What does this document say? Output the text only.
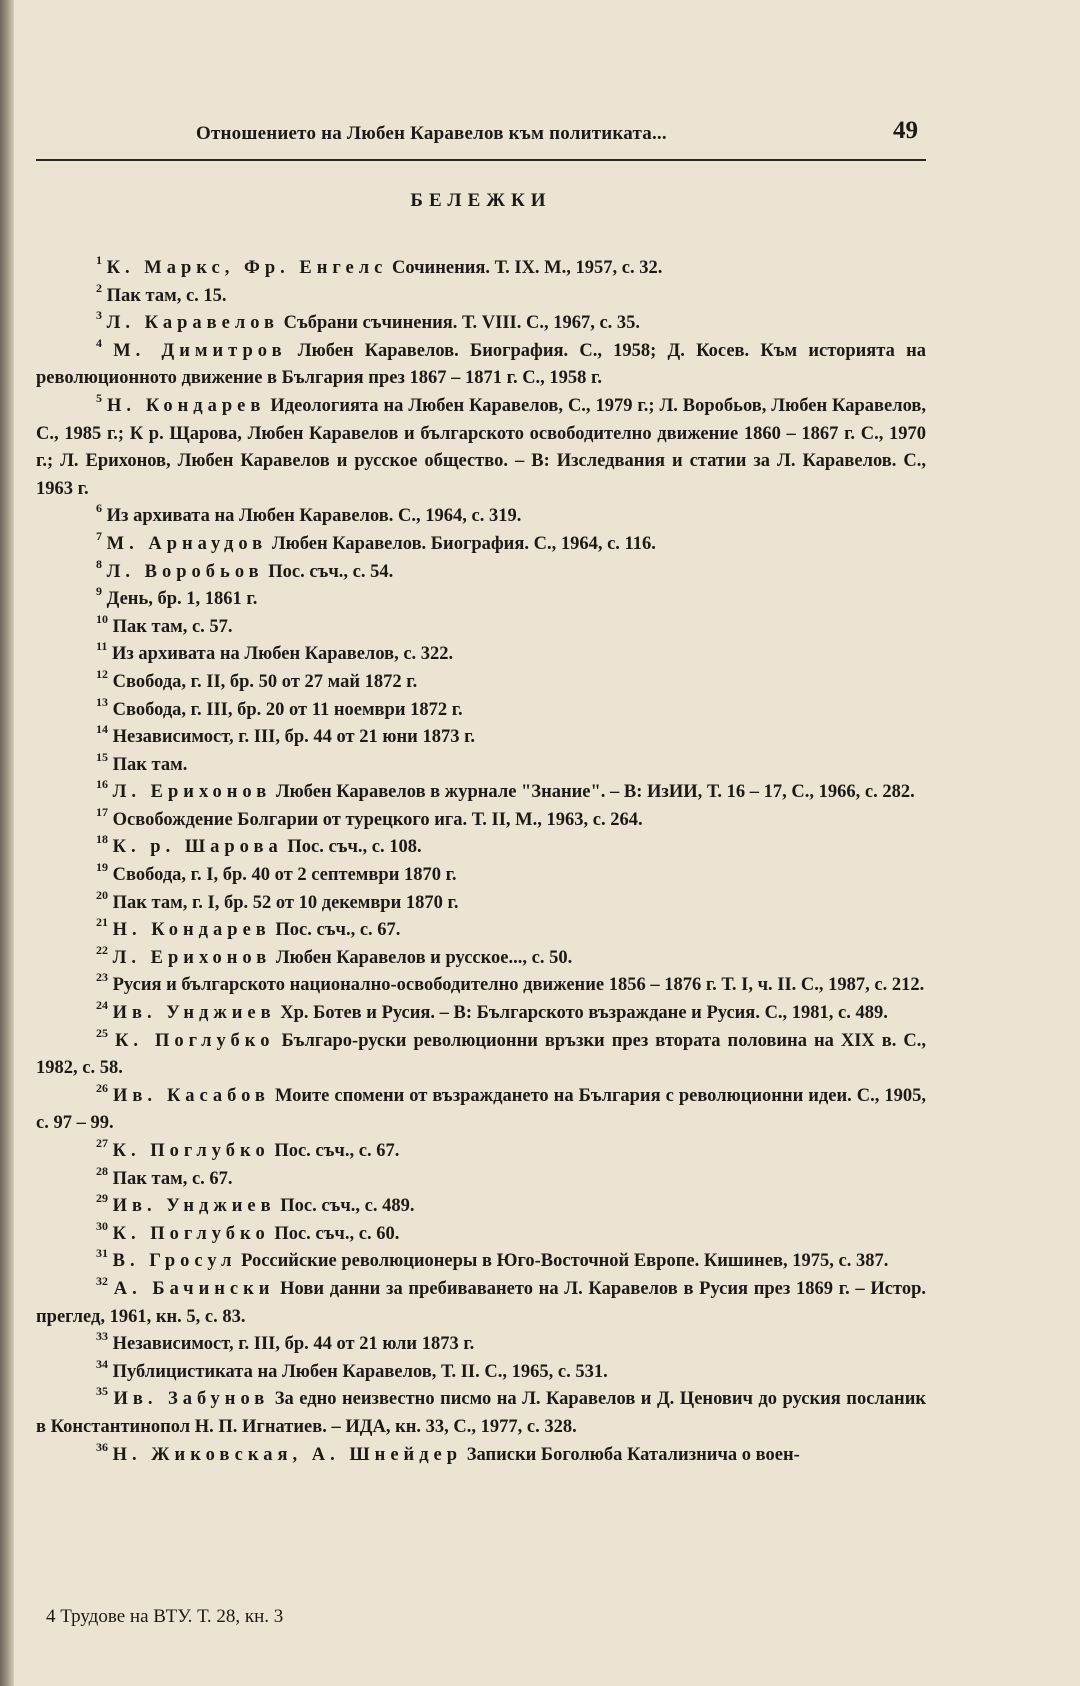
Отношението на Любен Каравелов към политиката...	49
БЕЛЕЖКИ

$^1$ К. Маркс, Фр. Енгелс Сочинения. Т. IX. М., 1957, с. 32.

$^2$ Пак там, с. 15.

$^3$ Л. Каравелов Събрани съчинения. Т. VIII. С., 1967, с. 35.

$^4$ М. Димитров Любен Каравелов. Биография. С., 1958; Д. Косев. Към историята на революционното движение в България през 1867 – 1871 г. С., 1958 г.

$^5$ Н. Кондарев Идеологията на Любен Каравелов, С., 1979 г.; Л. Воробьов, Любен Каравелов, С., 1985 г.; К р. Щарова, Любен Каравелов и българското освободително движение 1860 – 1867 г. С., 1970 г.; Л. Ерихонов, Любен Каравелов и русское общество. – В: Изследвания и статии за Л. Каравелов. С., 1963 г.

$^6$ Из архивата на Любен Каравелов. С., 1964, с. 319.

$^7$ М. Арнаудов Любен Каравелов. Биография. С., 1964, с. 116.

$^8$ Л. Воробьов Пос. съч., с. 54.

$^9$ День, бр. 1, 1861 г.

$^{10}$ Пак там, с. 57.

$^{11}$ Из архивата на Любен Каравелов, с. 322.

$^{12}$ Свобода, г. II, бр. 50 от 27 май 1872 г.

$^{13}$ Свобода, г. III, бр. 20 от 11 ноември 1872 г.

$^{14}$ Независимост, г. III, бр. 44 от 21 юни 1873 г.

$^{15}$ Пак там.

$^{16}$ Л. Ерихонов Любен Каравелов в журнале "Знание". – В: ИзИИ, Т. 16 – 17, С., 1966, с. 282.

$^{17}$ Освобождение Болгарии от турецкого ига. Т. II, М., 1963, с. 264.

$^{18}$ К. р. Шарова Пос. съч., с. 108.

$^{19}$ Свобода, г. I, бр. 40 от 2 септември 1870 г.

$^{20}$ Пак там, г. I, бр. 52 от 10 декември 1870 г.

$^{21}$ Н. Кондарев Пос. съч., с. 67.

$^{22}$ Л. Ерихонов Любен Каравелов и русское..., с. 50.

$^{23}$ Русия и българското национално-освободително движение 1856 – 1876 г. Т. I, ч. II. С., 1987, с. 212.

$^{24}$ Ив. Унджиев Хр. Ботев и Русия. – В: Българското възраждане и Русия. С., 1981, с. 489.

$^{25}$ К. Поглубко Българо-руски революционни връзки през втората половина на XIX в. С., 1982, с. 58.

$^{26}$ Ив. Касабов Моите спомени от възраждането на България с революционни идеи. С., 1905, с. 97 – 99.

$^{27}$ К. Поглубко Пос. съч., с. 67.

$^{28}$ Пак там, с. 67.

$^{29}$ Ив. Унджиев Пос. съч., с. 489.

$^{30}$ К. Поглубко Пос. съч., с. 60.

$^{31}$ В. Гросул Российские революционеры в Юго-Восточной Европе. Кишинев, 1975, с. 387.

$^{32}$ А. Бачински Нови данни за пребиваването на Л. Каравелов в Русия през 1869 г. – Истор. преглед, 1961, кн. 5, с. 83.

$^{33}$ Независимост, г. III, бр. 44 от 21 юли 1873 г.

$^{34}$ Публицистиката на Любен Каравелов, Т. II. С., 1965, с. 531.

$^{35}$ Ив. Забунов За едно неизвестно писмо на Л. Каравелов и Д. Ценович до руския посланик в Константинопол Н. П. Игнатиев. – ИДА, кн. 33, С., 1977, с. 328.

$^{36}$ Н. Жиковская, А. Шнейдер Записки Боголюба Катализнича о воен-

4 Трудове на ВТУ. Т. 28, кн. 3
